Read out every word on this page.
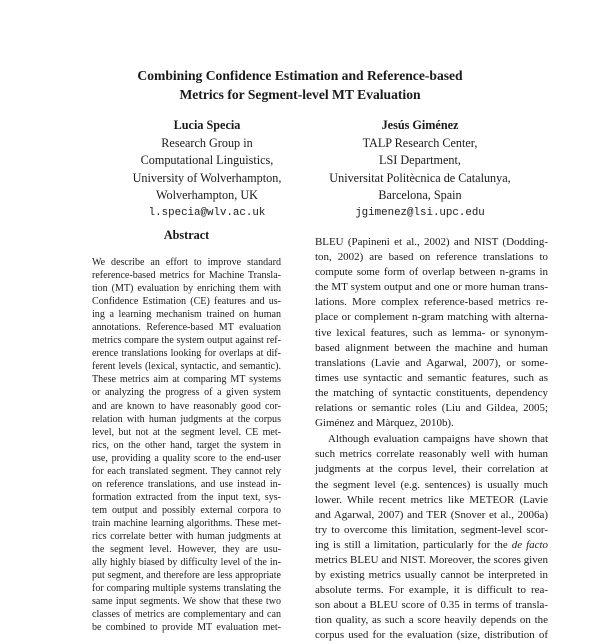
Combining Confidence Estimation and Reference-based
Metrics for Segment-level MT Evaluation
Lucia Specia
Research Group in
Computational Linguistics,
University of Wolverhampton,
Wolverhampton, UK
l.specia@wlv.ac.uk
Jesús Giménez
TALP Research Center,
LSI Department,
Universitat Politècnica de Catalunya,
Barcelona, Spain
jgimenez@lsi.upc.edu
Abstract
We describe an effort to improve standard
reference-based metrics for Machine Transla-
tion (MT) evaluation by enriching them with
Confidence Estimation (CE) features and us-
ing a learning mechanism trained on human
annotations. Reference-based MT evaluation
metrics compare the system output against ref-
erence translations looking for overlaps at dif-
ferent levels (lexical, syntactic, and semantic).
These metrics aim at comparing MT systems
or analyzing the progress of a given system
and are known to have reasonably good cor-
relation with human judgments at the corpus
level, but not at the segment level. CE met-
rics, on the other hand, target the system in
use, providing a quality score to the end-user
for each translated segment. They cannot rely
on reference translations, and use instead in-
formation extracted from the input text, sys-
tem output and possibly external corpora to
train machine learning algorithms. These met-
rics correlate better with human judgments at
the segment level. However, they are usu-
ally highly biased by difficulty level of the in-
put segment, and therefore are less appropriate
for comparing multiple systems translating the
same input segments. We show that these two
classes of metrics are complementary and can
be combined to provide MT evaluation met-
BLEU (Papineni et al., 2002) and NIST (Dodding-
ton, 2002) are based on reference translations to
compute some form of overlap between n-grams in
the MT system output and one or more human trans-
lations. More complex reference-based metrics re-
place or complement n-gram matching with alterna-
tive lexical features, such as lemma- or synonym-
based alignment between the machine and human
translations (Lavie and Agarwal, 2007), or some-
times use syntactic and semantic features, such as
the matching of syntactic constituents, dependency
relations or semantic roles (Liu and Gildea, 2005;
Giménez and Màrquez, 2010b).
Although evaluation campaigns have shown that
such metrics correlate reasonably well with human
judgments at the corpus level, their correlation at
the segment level (e.g. sentences) is usually much
lower. While recent metrics like METEOR (Lavie
and Agarwal, 2007) and TER (Snover et al., 2006a)
try to overcome this limitation, segment-level scor-
ing is still a limitation, particularly for the de facto
metrics BLEU and NIST. Moreover, the scores given
by existing metrics usually cannot be interpreted in
absolute terms. For example, it is difficult to rea-
son about a BLEU score of 0.35 in terms of transla-
tion quality, as such a score heavily depends on the
corpus used for the evaluation (size, distribution of
